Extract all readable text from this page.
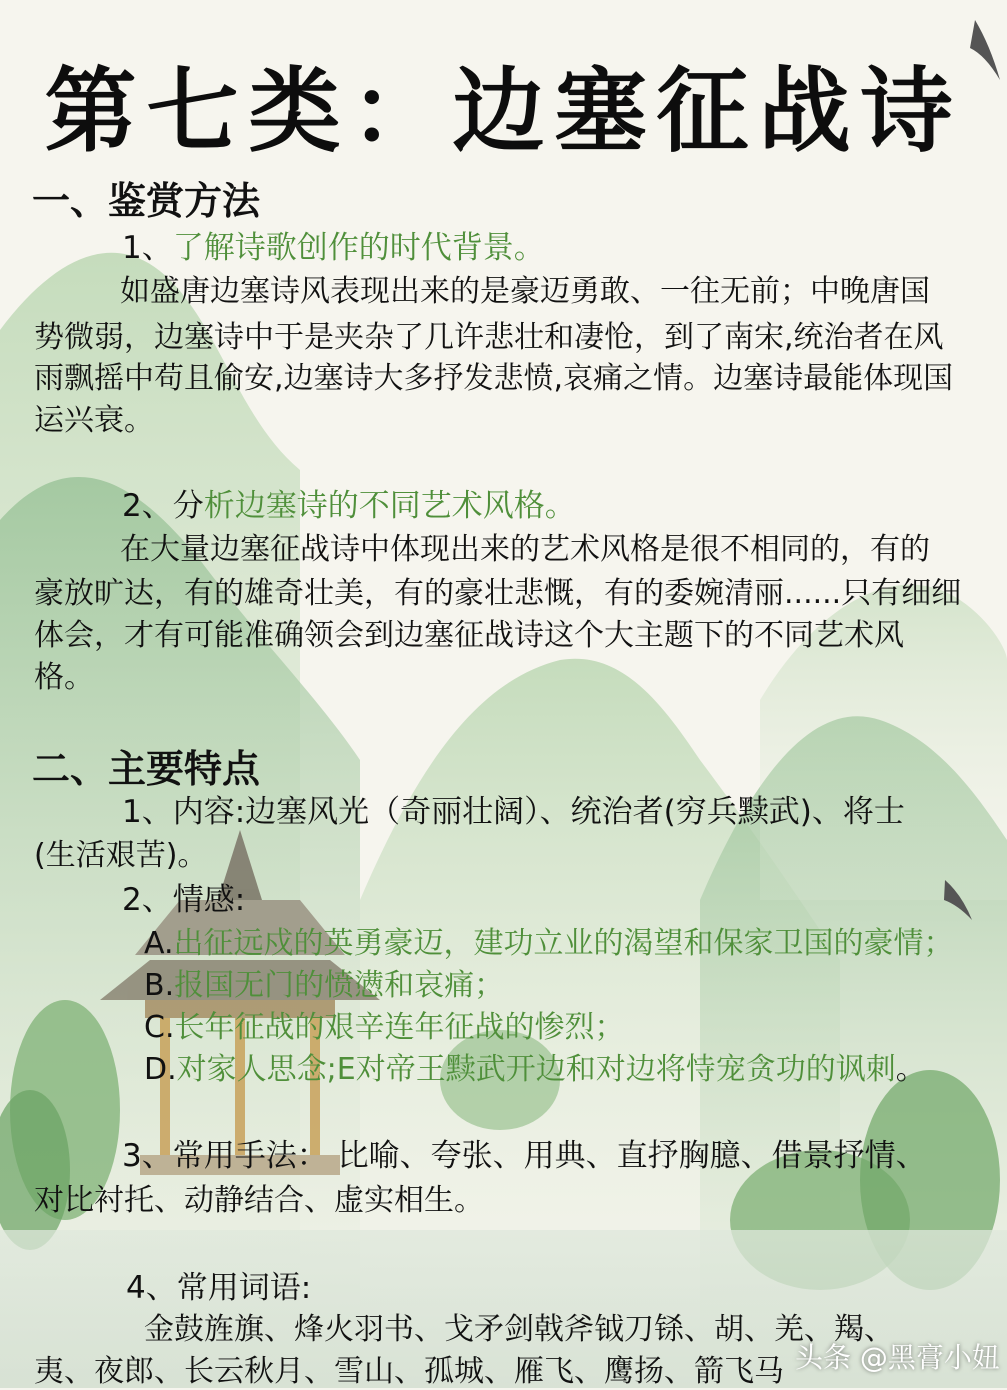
第七类：边塞征战诗
一、鉴赏方法
1、了解诗歌创作的时代背景。
如盛唐边塞诗风表现出来的是豪迈勇敢、一往无前；中晚唐国
势微弱，边塞诗中于是夹杂了几许悲壮和凄怆，到了南宋,统治者在风
雨飘摇中苟且偷安,边塞诗大多抒发悲愤,哀痛之情。边塞诗最能体现国
运兴衰。
2、分析边塞诗的不同艺术风格。
在大量边塞征战诗中体现出来的艺术风格是很不相同的，有的
豪放旷达，有的雄奇壮美，有的豪壮悲慨，有的委婉清丽......只有细细
体会，才有可能准确领会到边塞征战诗这个大主题下的不同艺术风
格。
二、主要特点
1、内容:边塞风光（奇丽壮阔）、统治者(穷兵黩武)、将士
(生活艰苦)。
2、情感:
A.出征远戍的英勇豪迈，建功立业的渴望和保家卫国的豪情；
B.报国无门的愤懑和哀痛；
C.长年征战的艰辛连年征战的惨烈；
D.对家人思念;E对帝王黩武开边和对边将恃宠贪功的讽刺。
3、常用手法： 比喻、夸张、用典、直抒胸臆、借景抒情、
对比衬托、动静结合、虚实相生。
4、常用词语:
金鼓旌旗、烽火羽书、戈矛剑戟斧钺刀铩、胡、羌、羯、
夷、夜郎、长云秋月、雪山、孤城、雁飞、鹰扬、箭飞马 头条 @黑膏小妞
